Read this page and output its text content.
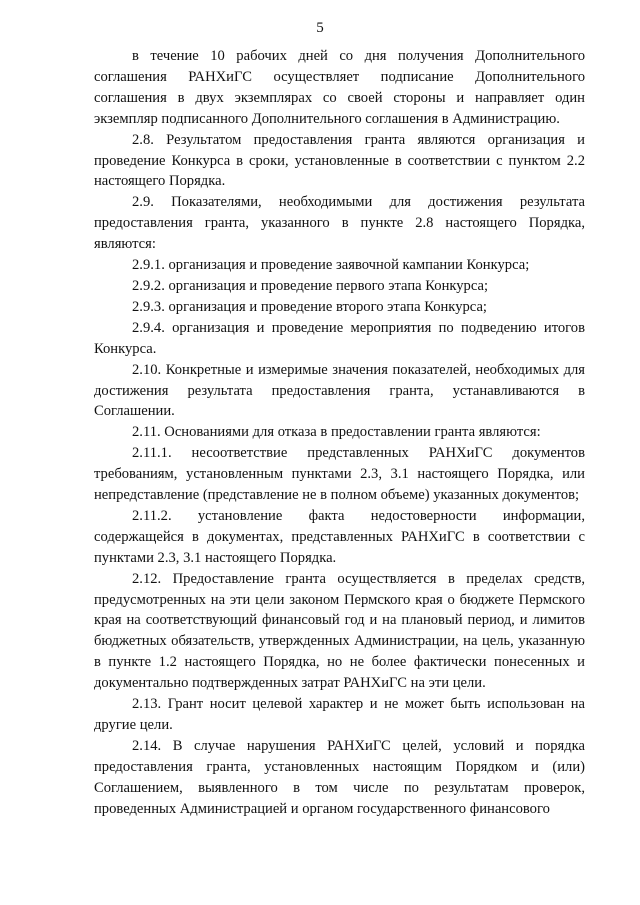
5

в течение 10 рабочих дней со дня получения Дополнительного соглашения РАНХиГС осуществляет подписание Дополнительного соглашения в двух экземплярах со своей стороны и направляет один экземпляр подписанного Дополнительного соглашения в Администрацию.

2.8. Результатом предоставления гранта являются организация и проведение Конкурса в сроки, установленные в соответствии с пунктом 2.2 настоящего Порядка.

2.9. Показателями, необходимыми для достижения результата предоставления гранта, указанного в пункте 2.8 настоящего Порядка, являются:

2.9.1. организация и проведение заявочной кампании Конкурса;

2.9.2. организация и проведение первого этапа Конкурса;

2.9.3. организация и проведение второго этапа Конкурса;

2.9.4. организация и проведение мероприятия по подведению итогов Конкурса.

2.10. Конкретные и измеримые значения показателей, необходимых для достижения результата предоставления гранта, устанавливаются в Соглашении.

2.11. Основаниями для отказа в предоставлении гранта являются:

2.11.1. несоответствие представленных РАНХиГС документов требованиям, установленным пунктами 2.3, 3.1 настоящего Порядка, или непредставление (представление не в полном объеме) указанных документов;

2.11.2. установление факта недостоверности информации, содержащейся в документах, представленных РАНХиГС в соответствии с пунктами 2.3, 3.1 настоящего Порядка.

2.12. Предоставление гранта осуществляется в пределах средств, предусмотренных на эти цели законом Пермского края о бюджете Пермского края на соответствующий финансовый год и на плановый период, и лимитов бюджетных обязательств, утвержденных Администрации, на цель, указанную в пункте 1.2 настоящего Порядка, но не более фактически понесенных и документально подтвержденных затрат РАНХиГС на эти цели.

2.13. Грант носит целевой характер и не может быть использован на другие цели.

2.14. В случае нарушения РАНХиГС целей, условий и порядка предоставления гранта, установленных настоящим Порядком и (или) Соглашением, выявленного в том числе по результатам проверок, проведенных Администрацией и органом государственного финансового
